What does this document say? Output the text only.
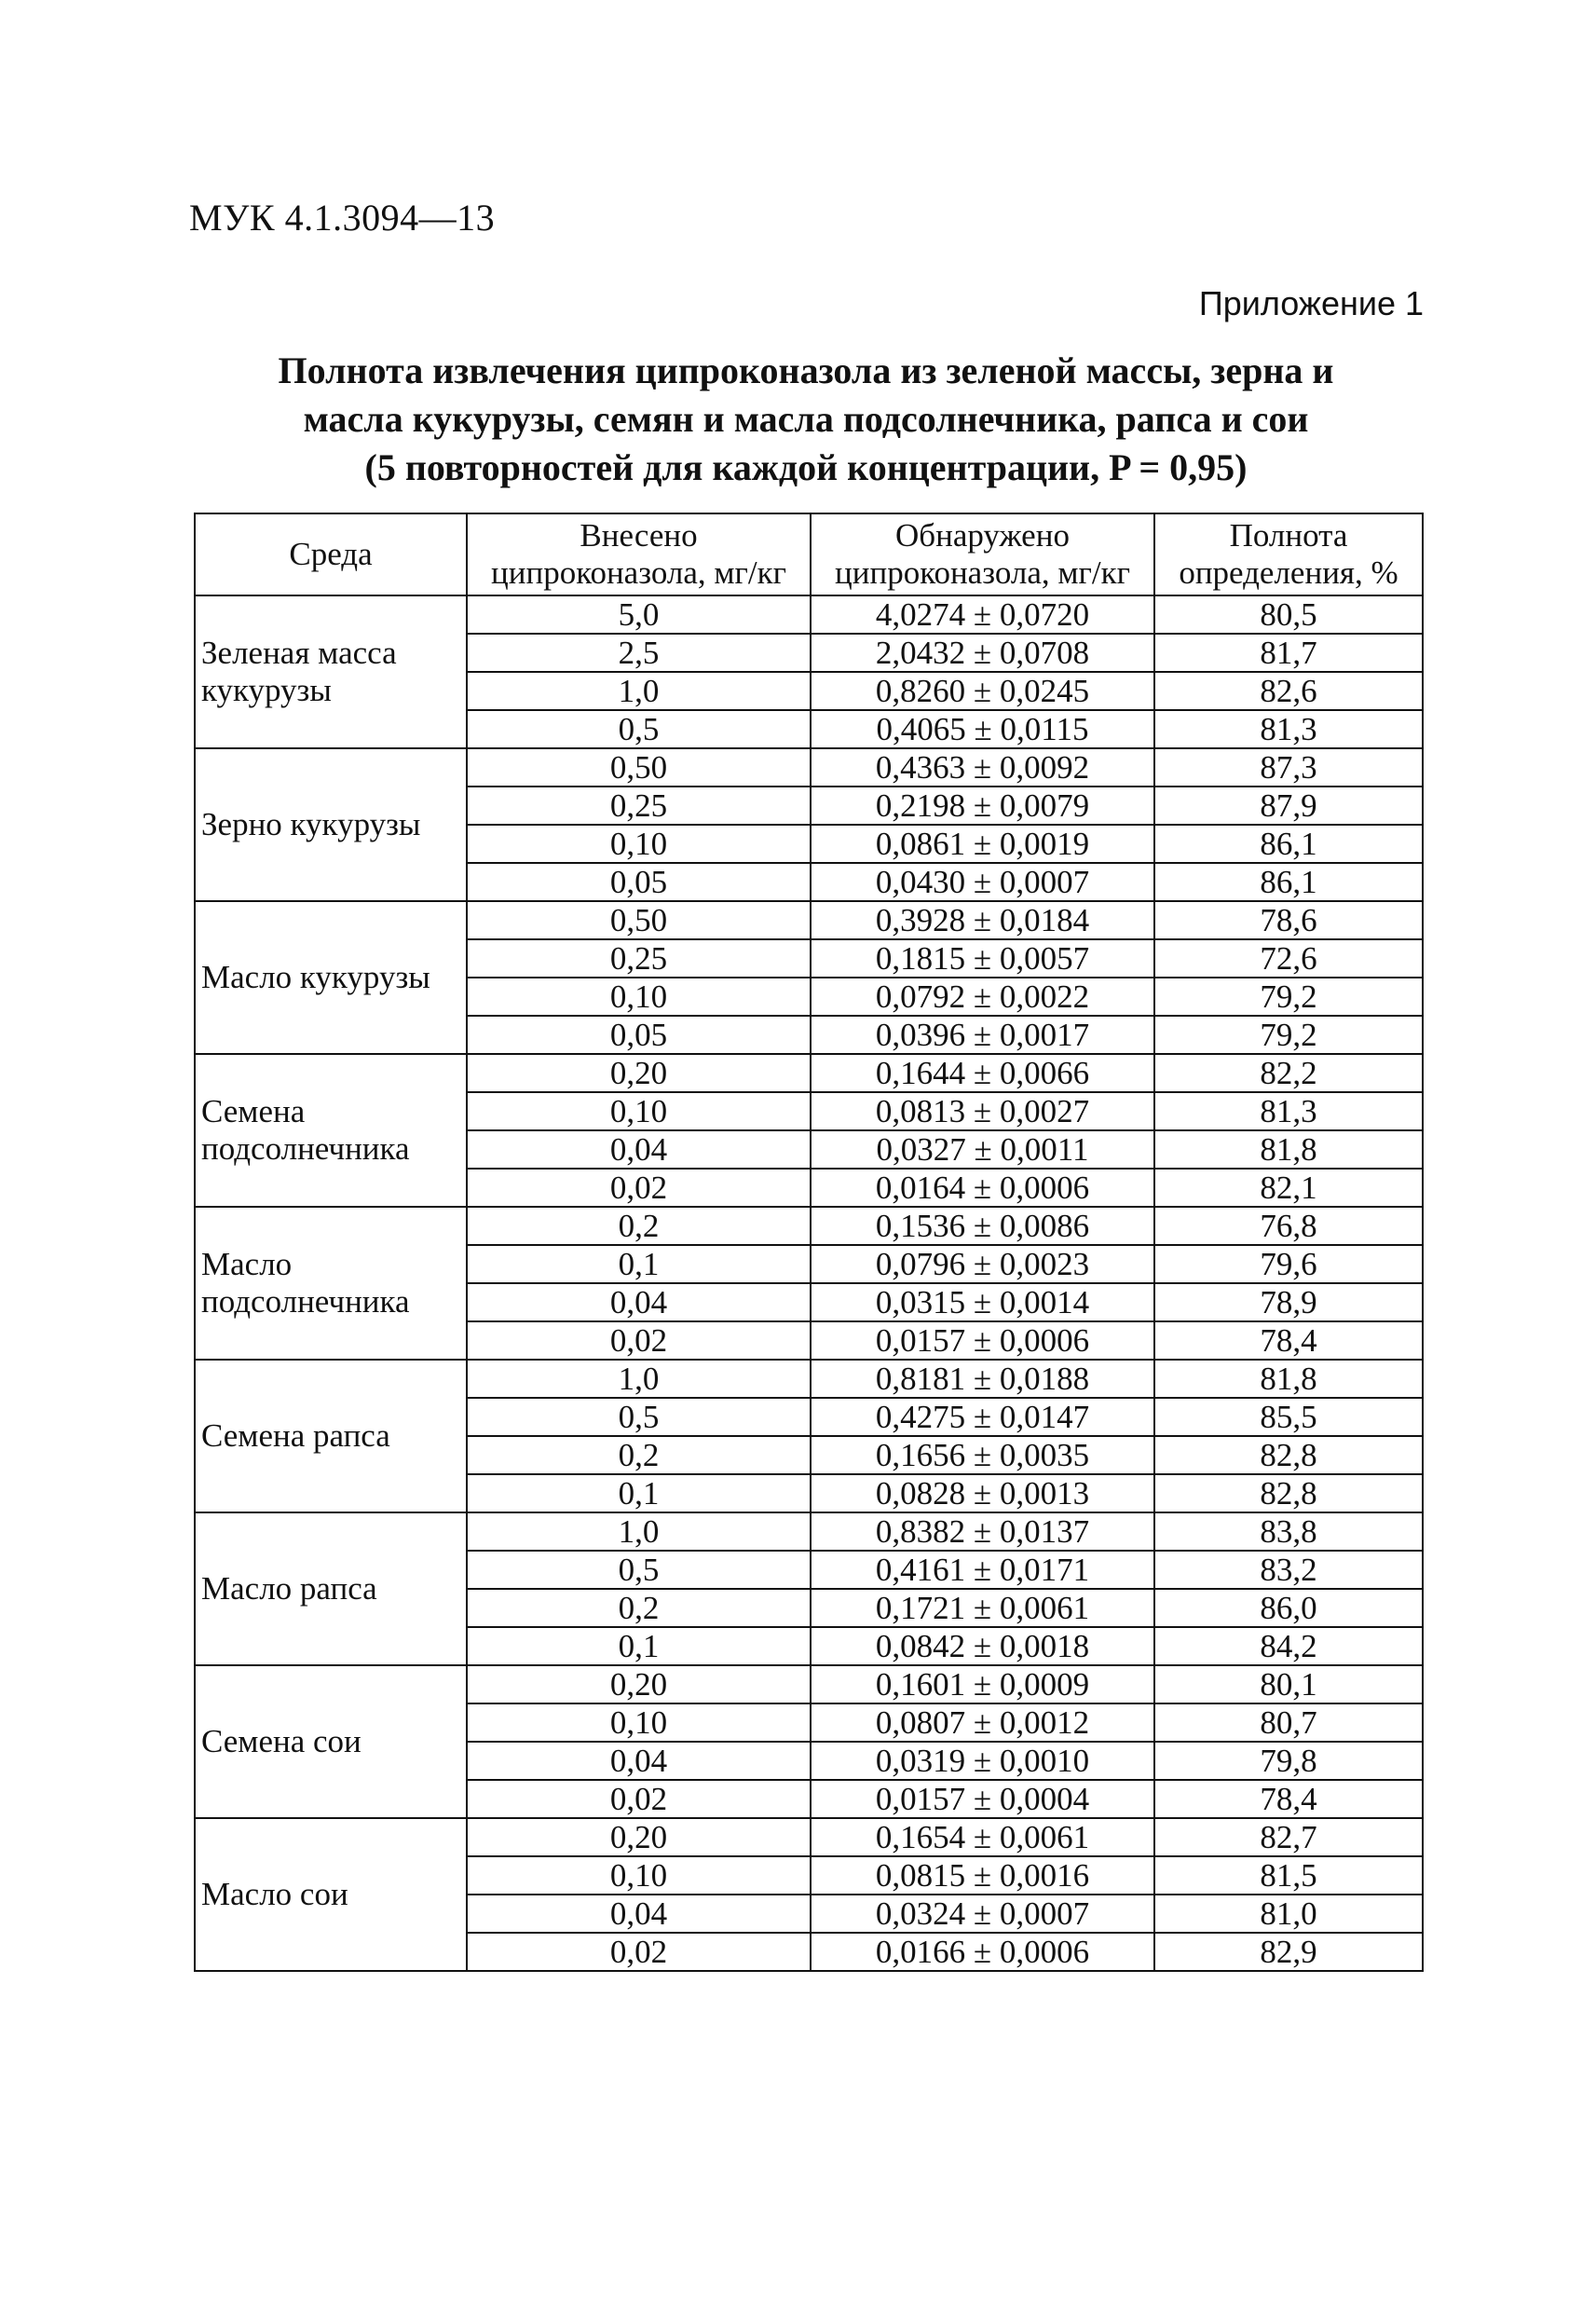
МУК 4.1.3094—13
Приложение 1
Полнота извлечения ципроконазола из зеленой массы, зерна и
масла кукурузы, семян и масла подсолнечника, рапса и сои
(5 повторностей для каждой концентрации, P = 0,95)
Среда	Внесено ципроконазола, мг/кг	Обнаружено ципроконазола, мг/кг	Полнота определения, %
Зеленая масса кукурузы	5,0	4,0274 ± 0,0720	80,5
	2,5	2,0432 ± 0,0708	81,7
	1,0	0,8260 ± 0,0245	82,6
	0,5	0,4065 ± 0,0115	81,3
Зерно кукурузы	0,50	0,4363 ± 0,0092	87,3
	0,25	0,2198 ± 0,0079	87,9
	0,10	0,0861 ± 0,0019	86,1
	0,05	0,0430 ± 0,0007	86,1
Масло кукурузы	0,50	0,3928 ± 0,0184	78,6
	0,25	0,1815 ± 0,0057	72,6
	0,10	0,0792 ± 0,0022	79,2
	0,05	0,0396 ± 0,0017	79,2
Семена подсолнечника	0,20	0,1644 ± 0,0066	82,2
	0,10	0,0813 ± 0,0027	81,3
	0,04	0,0327 ± 0,0011	81,8
	0,02	0,0164 ± 0,0006	82,1
Масло подсолнечника	0,2	0,1536 ± 0,0086	76,8
	0,1	0,0796 ± 0,0023	79,6
	0,04	0,0315 ± 0,0014	78,9
	0,02	0,0157 ± 0,0006	78,4
Семена рапса	1,0	0,8181 ± 0,0188	81,8
	0,5	0,4275 ± 0,0147	85,5
	0,2	0,1656 ± 0,0035	82,8
	0,1	0,0828 ± 0,0013	82,8
Масло рапса	1,0	0,8382 ± 0,0137	83,8
	0,5	0,4161 ± 0,0171	83,2
	0,2	0,1721 ± 0,0061	86,0
	0,1	0,0842 ± 0,0018	84,2
Семена сои	0,20	0,1601 ± 0,0009	80,1
	0,10	0,0807 ± 0,0012	80,7
	0,04	0,0319 ± 0,0010	79,8
	0,02	0,0157 ± 0,0004	78,4
Масло сои	0,20	0,1654 ± 0,0061	82,7
	0,10	0,0815 ± 0,0016	81,5
	0,04	0,0324 ± 0,0007	81,0
	0,02	0,0166 ± 0,0006	82,9
